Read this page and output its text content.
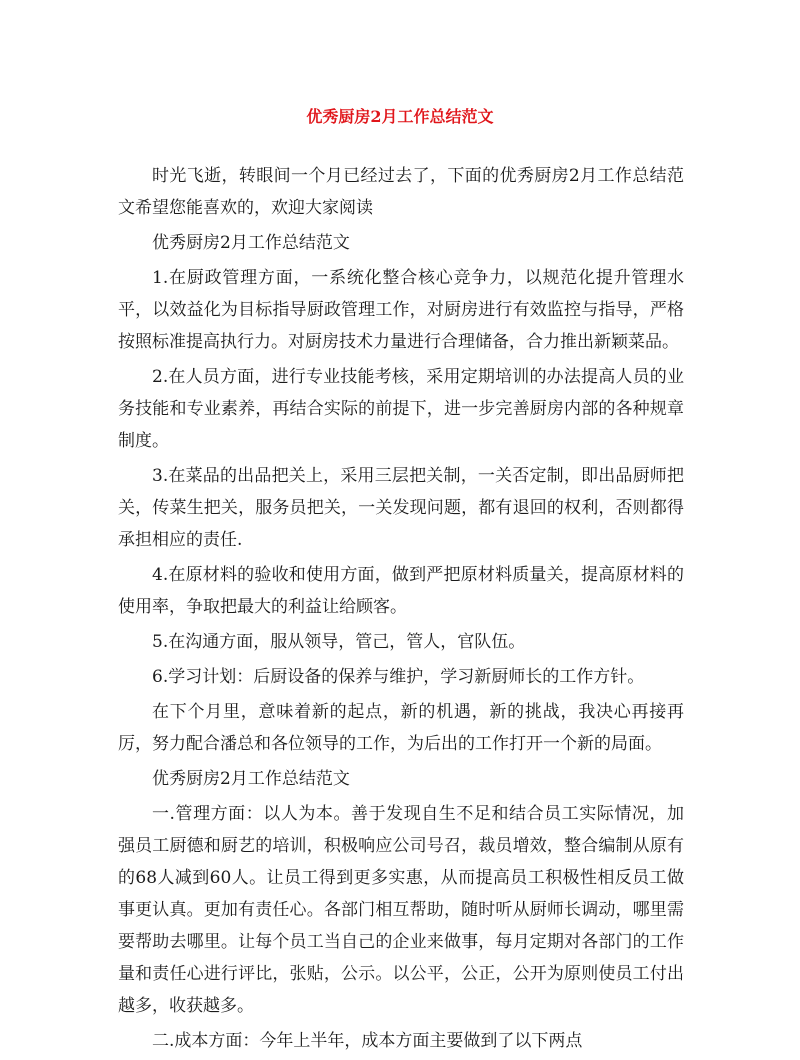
优秀厨房2月工作总结范文

时光飞逝，转眼间一个月已经过去了，下面的优秀厨房2月工作总结范文希望您能喜欢的，欢迎大家阅读

优秀厨房2月工作总结范文

1.在厨政管理方面，一系统化整合核心竞争力，以规范化提升管理水平，以效益化为目标指导厨政管理工作，对厨房进行有效监控与指导，严格按照标准提高执行力。对厨房技术力量进行合理储备，合力推出新颖菜品。

2.在人员方面，进行专业技能考核，采用定期培训的办法提高人员的业务技能和专业素养，再结合实际的前提下，进一步完善厨房内部的各种规章制度。

3.在菜品的出品把关上，采用三层把关制，一关否定制，即出品厨师把关，传菜生把关，服务员把关，一关发现问题，都有退回的权利，否则都得承担相应的责任.

4.在原材料的验收和使用方面，做到严把原材料质量关，提高原材料的使用率，争取把最大的利益让给顾客。

5.在沟通方面，服从领导，管己，管人，官队伍。

6.学习计划：后厨设备的保养与维护，学习新厨师长的工作方针。

在下个月里，意味着新的起点，新的机遇，新的挑战，我决心再接再厉，努力配合潘总和各位领导的工作，为后出的工作打开一个新的局面。

优秀厨房2月工作总结范文

一.管理方面：以人为本。善于发现自生不足和结合员工实际情况，加强员工厨德和厨艺的培训，积极响应公司号召，裁员增效，整合编制从原有的68人减到60人。让员工得到更多实惠，从而提高员工积极性相反员工做事更认真。更加有责任心。各部门相互帮助，随时听从厨师长调动，哪里需要帮助去哪里。让每个员工当自己的企业来做事，每月定期对各部门的工作量和责任心进行评比，张贴，公示。以公平，公正，公开为原则使员工付出越多，收获越多。

二.成本方面：今年上半年，成本方面主要做到了以下两点
